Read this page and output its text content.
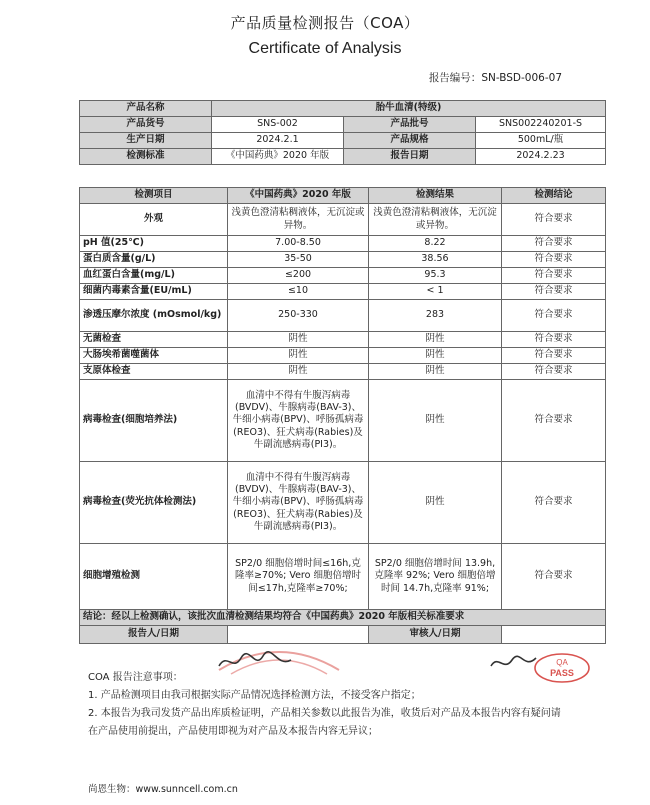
产品质量检测报告（COA）
Certificate of Analysis
报告编号：SN-BSD-006-07
产品名称	胎牛血清(特级)		
产品货号	SNS-002	产品批号	SNS002240201-S
生产日期	2024.2.1	产品规格	500mL/瓶
检测标准	《中国药典》2020 年版	报告日期	2024.2.23
检测项目	《中国药典》2020 年版	检测结果	检测结论
外观	浅黄色澄清粘稠液体，无沉淀或异物。	浅黄色澄清粘稠液体，无沉淀或异物。	符合要求
pH 值(25℃)	7.00-8.50	8.22	符合要求
蛋白质含量(g/L)	35-50	38.56	符合要求
血红蛋白含量(mg/L)	≤200	95.3	符合要求
细菌内毒素含量(EU/mL)	≤10	< 1	符合要求
渗透压摩尔浓度 (mOsmol/kg)	250-330	283	符合要求
无菌检查	阴性	阴性	符合要求
大肠埃希菌噬菌体	阴性	阴性	符合要求
支原体检查	阴性	阴性	符合要求
病毒检查(细胞培养法)	血清中不得有牛腹泻病毒(BVDV)、牛腺病毒(BAV-3)、牛细小病毒(BPV)、呼肠孤病毒(REO3)、狂犬病毒(Rabies)及牛副流感病毒(PI3)。	阴性	符合要求
病毒检查(荧光抗体检测法)	血清中不得有牛腹泻病毒(BVDV)、牛腺病毒(BAV-3)、牛细小病毒(BPV)、呼肠孤病毒(REO3)、狂犬病毒(Rabies)及牛副流感病毒(PI3)。	阴性	符合要求
细胞增殖检测	SP2/0 细胞倍增时间≤16h,克隆率≥70%; Vero 细胞倍增时间≤17h,克隆率≥70%;	SP2/0 细胞倍增时间 13.9h,克隆率 92%; Vero 细胞倍增时间 14.7h,克隆率 91%;	符合要求
结论：经以上检测确认，该批次血清检测结果均符合《中国药典》2020 年版相关标准要求			
报告人/日期		审核人/日期	
QA
PASS

COA 报告注意事项：

1. 产品检测项目由我司根据实际产品情况选择检测方法，不接受客户指定；

2. 本报告为我司发货产品出库质检证明，产品相关参数以此报告为准，收货后对产品及本报告内容有疑问请在产品使用前提出，产品使用即视为对产品及本报告内容无异议；

尚恩生物：www.sunncell.com.cn
